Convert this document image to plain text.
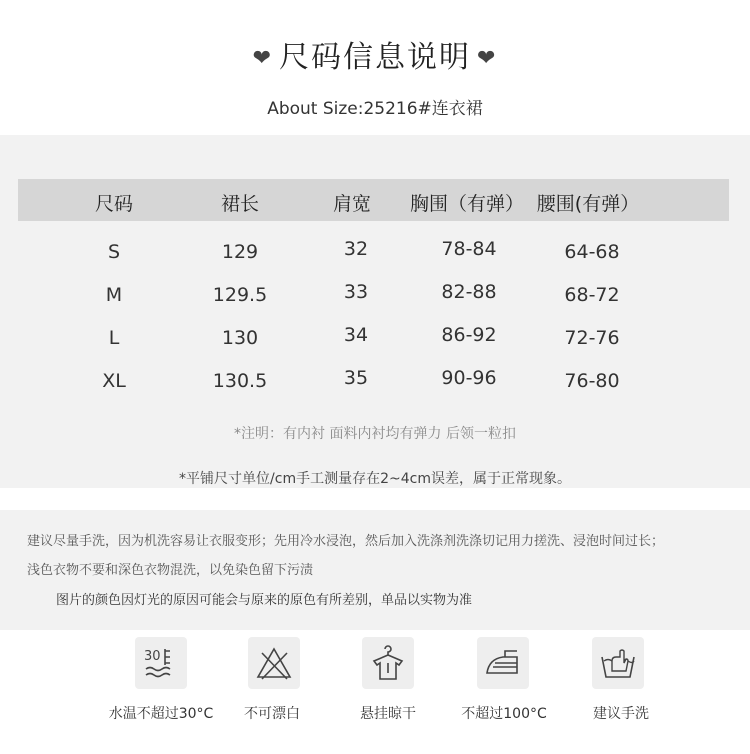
❤ 尺码信息说明 ❤
About Size:25216#连衣裙
尺码	裙长	肩宽 胸围（有弹） 腰围(有弹）
S	129	32	78-84	64-68
M	129.5	33	82-88	68-72
L	130	34	86-92	72-76
XL	130.5	35	90-96	76-80
*注明：有内衬 面料内衬均有弹力 后领一粒扣
*平铺尺寸单位/cm手工测量存在2~4cm误差，属于正常现象。
建议尽量手洗，因为机洗容易让衣服变形；先用冷水浸泡，然后加入洗涤剂洗涤切记用力搓洗、浸泡时间过长；
浅色衣物不要和深色衣物混洗，以免染色留下污渍
图片的颜色因灯光的原因可能会与原来的原色有所差别，单品以实物为准
30
水温不超过30°C 不可漂白	悬挂晾干	不超过100°C	建议手洗
